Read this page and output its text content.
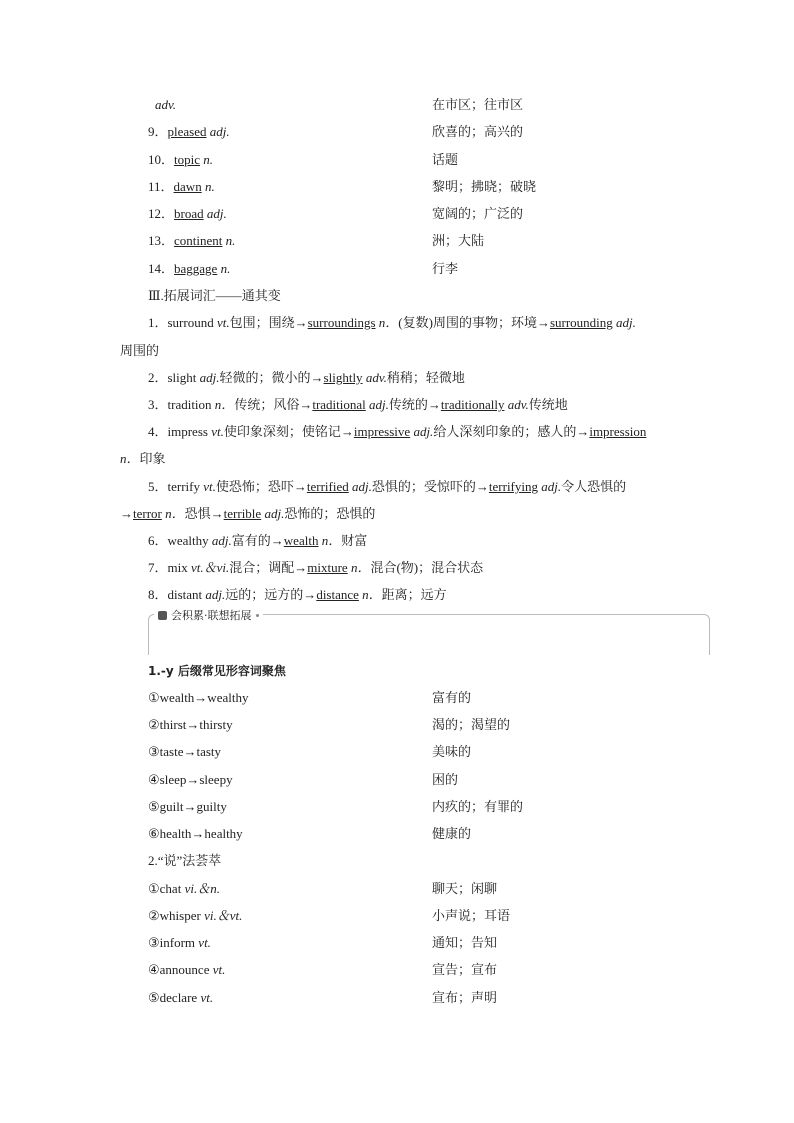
adv.	在市区；往市区
9．pleased adj.	欣喜的；高兴的
10．topic n.	话题
11．dawn n.	黎明；拂晓；破晓
12．broad adj.	宽阔的；广泛的
13．continent n.	洲；大陆
14．baggage n.	行李
Ⅲ.拓展词汇——通其变
1．surround vt.包围；围绕→surroundings n．(复数)周围的事物；环境→surrounding adj.
周围的
2．slight adj.轻微的；微小的→slightly adv.稍稍；轻微地
3．tradition n．传统；风俗→traditional adj.传统的→traditionally adv.传统地
4．impress vt.使印象深刻；使铭记→impressive adj.给人深刻印象的；感人的→impression
n．印象
5．terrify vt.使恐怖；恐吓→terrified adj.恐惧的；受惊吓的→terrifying adj.令人恐惧的
→terror n．恐惧→terrible adj.恐怖的；恐惧的
6．wealthy adj.富有的→wealth n．财富
7．mix vt.＆vi.混合；调配→mixture n．混合(物)；混合状态
8．distant adj.远的；远方的→distance n．距离；远方
会积累·联想拓展
1.-y 后缀常见形容词聚焦
①wealth→wealthy	富有的
②thirst→thirsty	渴的；渴望的
③taste→tasty	美味的
④sleep→sleepy	困的
⑤guilt→guilty	内疚的；有罪的
⑥health→healthy	健康的
2.“说”法荟萃
①chat vi.＆n.	聊天；闲聊
②whisper vi.＆vt.	小声说；耳语
③inform vt.	通知；告知
④announce vt.	宣告；宣布
⑤declare vt.	宣布；声明
